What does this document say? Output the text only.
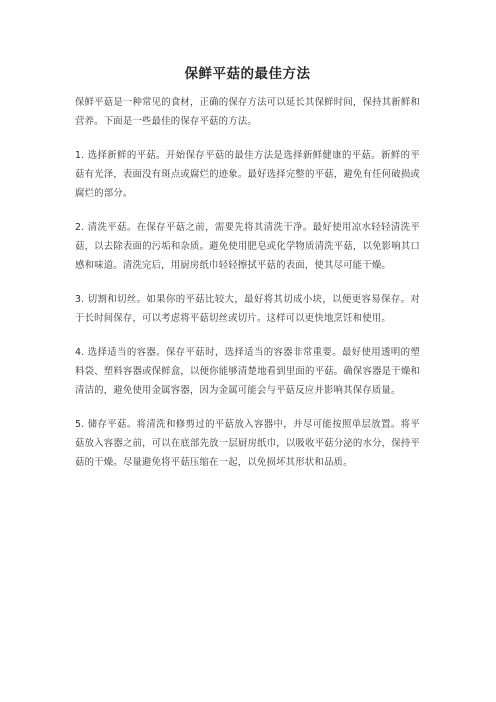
保鲜平菇的最佳方法

保鲜平菇是一种常见的食材，正确的保存方法可以延长其保鲜时间，保持其新鲜和营养。下面是一些最佳的保存平菇的方法。

1. 选择新鲜的平菇。开始保存平菇的最佳方法是选择新鲜健康的平菇。新鲜的平菇有光泽，表面没有斑点或腐烂的迹象。最好选择完整的平菇，避免有任何破损或腐烂的部分。

2. 清洗平菇。在保存平菇之前，需要先将其清洗干净。最好使用凉水轻轻清洗平菇，以去除表面的污垢和杂质。避免使用肥皂或化学物质清洗平菇，以免影响其口感和味道。清洗完后，用厨房纸巾轻轻擦拭平菇的表面，使其尽可能干燥。

3. 切割和切丝。如果你的平菇比较大，最好将其切成小块，以便更容易保存。对于长时间保存，可以考虑将平菇切丝或切片。这样可以更快地烹饪和使用。

4. 选择适当的容器。保存平菇时，选择适当的容器非常重要。最好使用透明的塑料袋、塑料容器或保鲜盒，以便你能够清楚地看到里面的平菇。确保容器是干燥和清洁的，避免使用金属容器，因为金属可能会与平菇反应并影响其保存质量。

5. 储存平菇。将清洗和修剪过的平菇放入容器中，并尽可能按照单层放置。将平菇放入容器之前，可以在底部先放一层厨房纸巾，以吸收平菇分泌的水分，保持平菇的干燥。尽量避免将平菇压缩在一起，以免损坏其形状和品质。
